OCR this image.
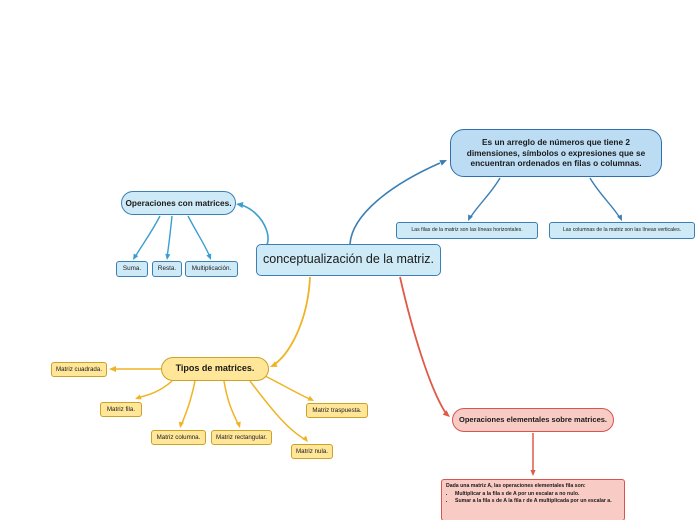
conceptualización de la matriz.
Es un arreglo de números que tiene 2 dimensiones, símbolos o expresiones que se encuentran ordenados en filas o columnas.
Las filas de la matriz son las líneas horizontales.	Las columnas de la matriz son las líneas verticales.
Operaciones con matrices.
Suma.	Resta. Multiplicación.
Tipos de matrices.
Matriz cuadrada.
Matriz fila.
Matriz columna.	Matriz rectangular.
Matriz nula.
Matriz traspuesta.
Operaciones elementales sobre matrices.
Dada una matriz A, las operaciones elementales fila son:
• Multiplicar a la fila s de A por un escalar a no nulo.
• Sumar a la fila s de A la fila r de A multiplicada por un escalar a.
